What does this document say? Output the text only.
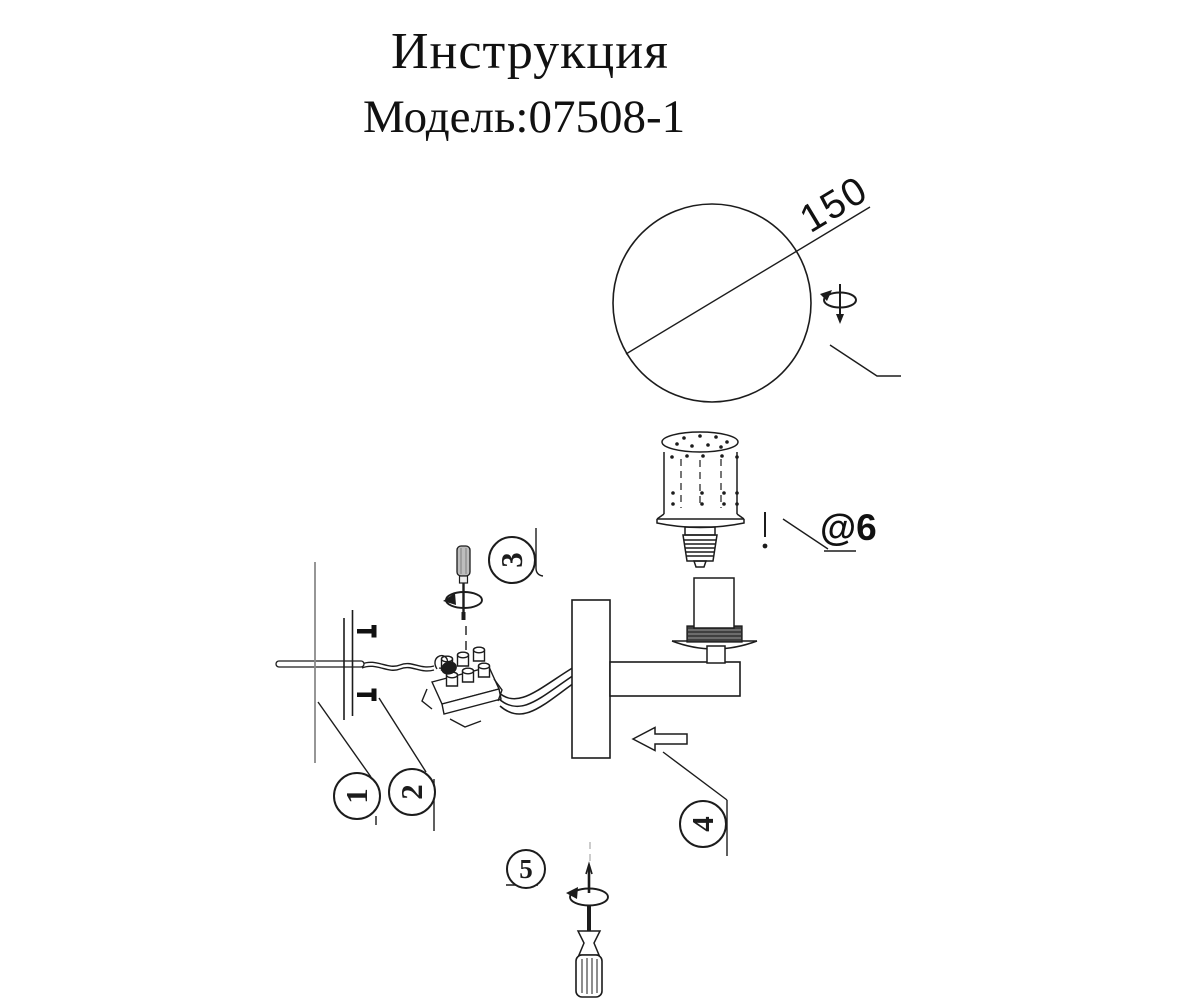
Инструкция
Модель:07508-1
150
@6
1 2
3
4
5
